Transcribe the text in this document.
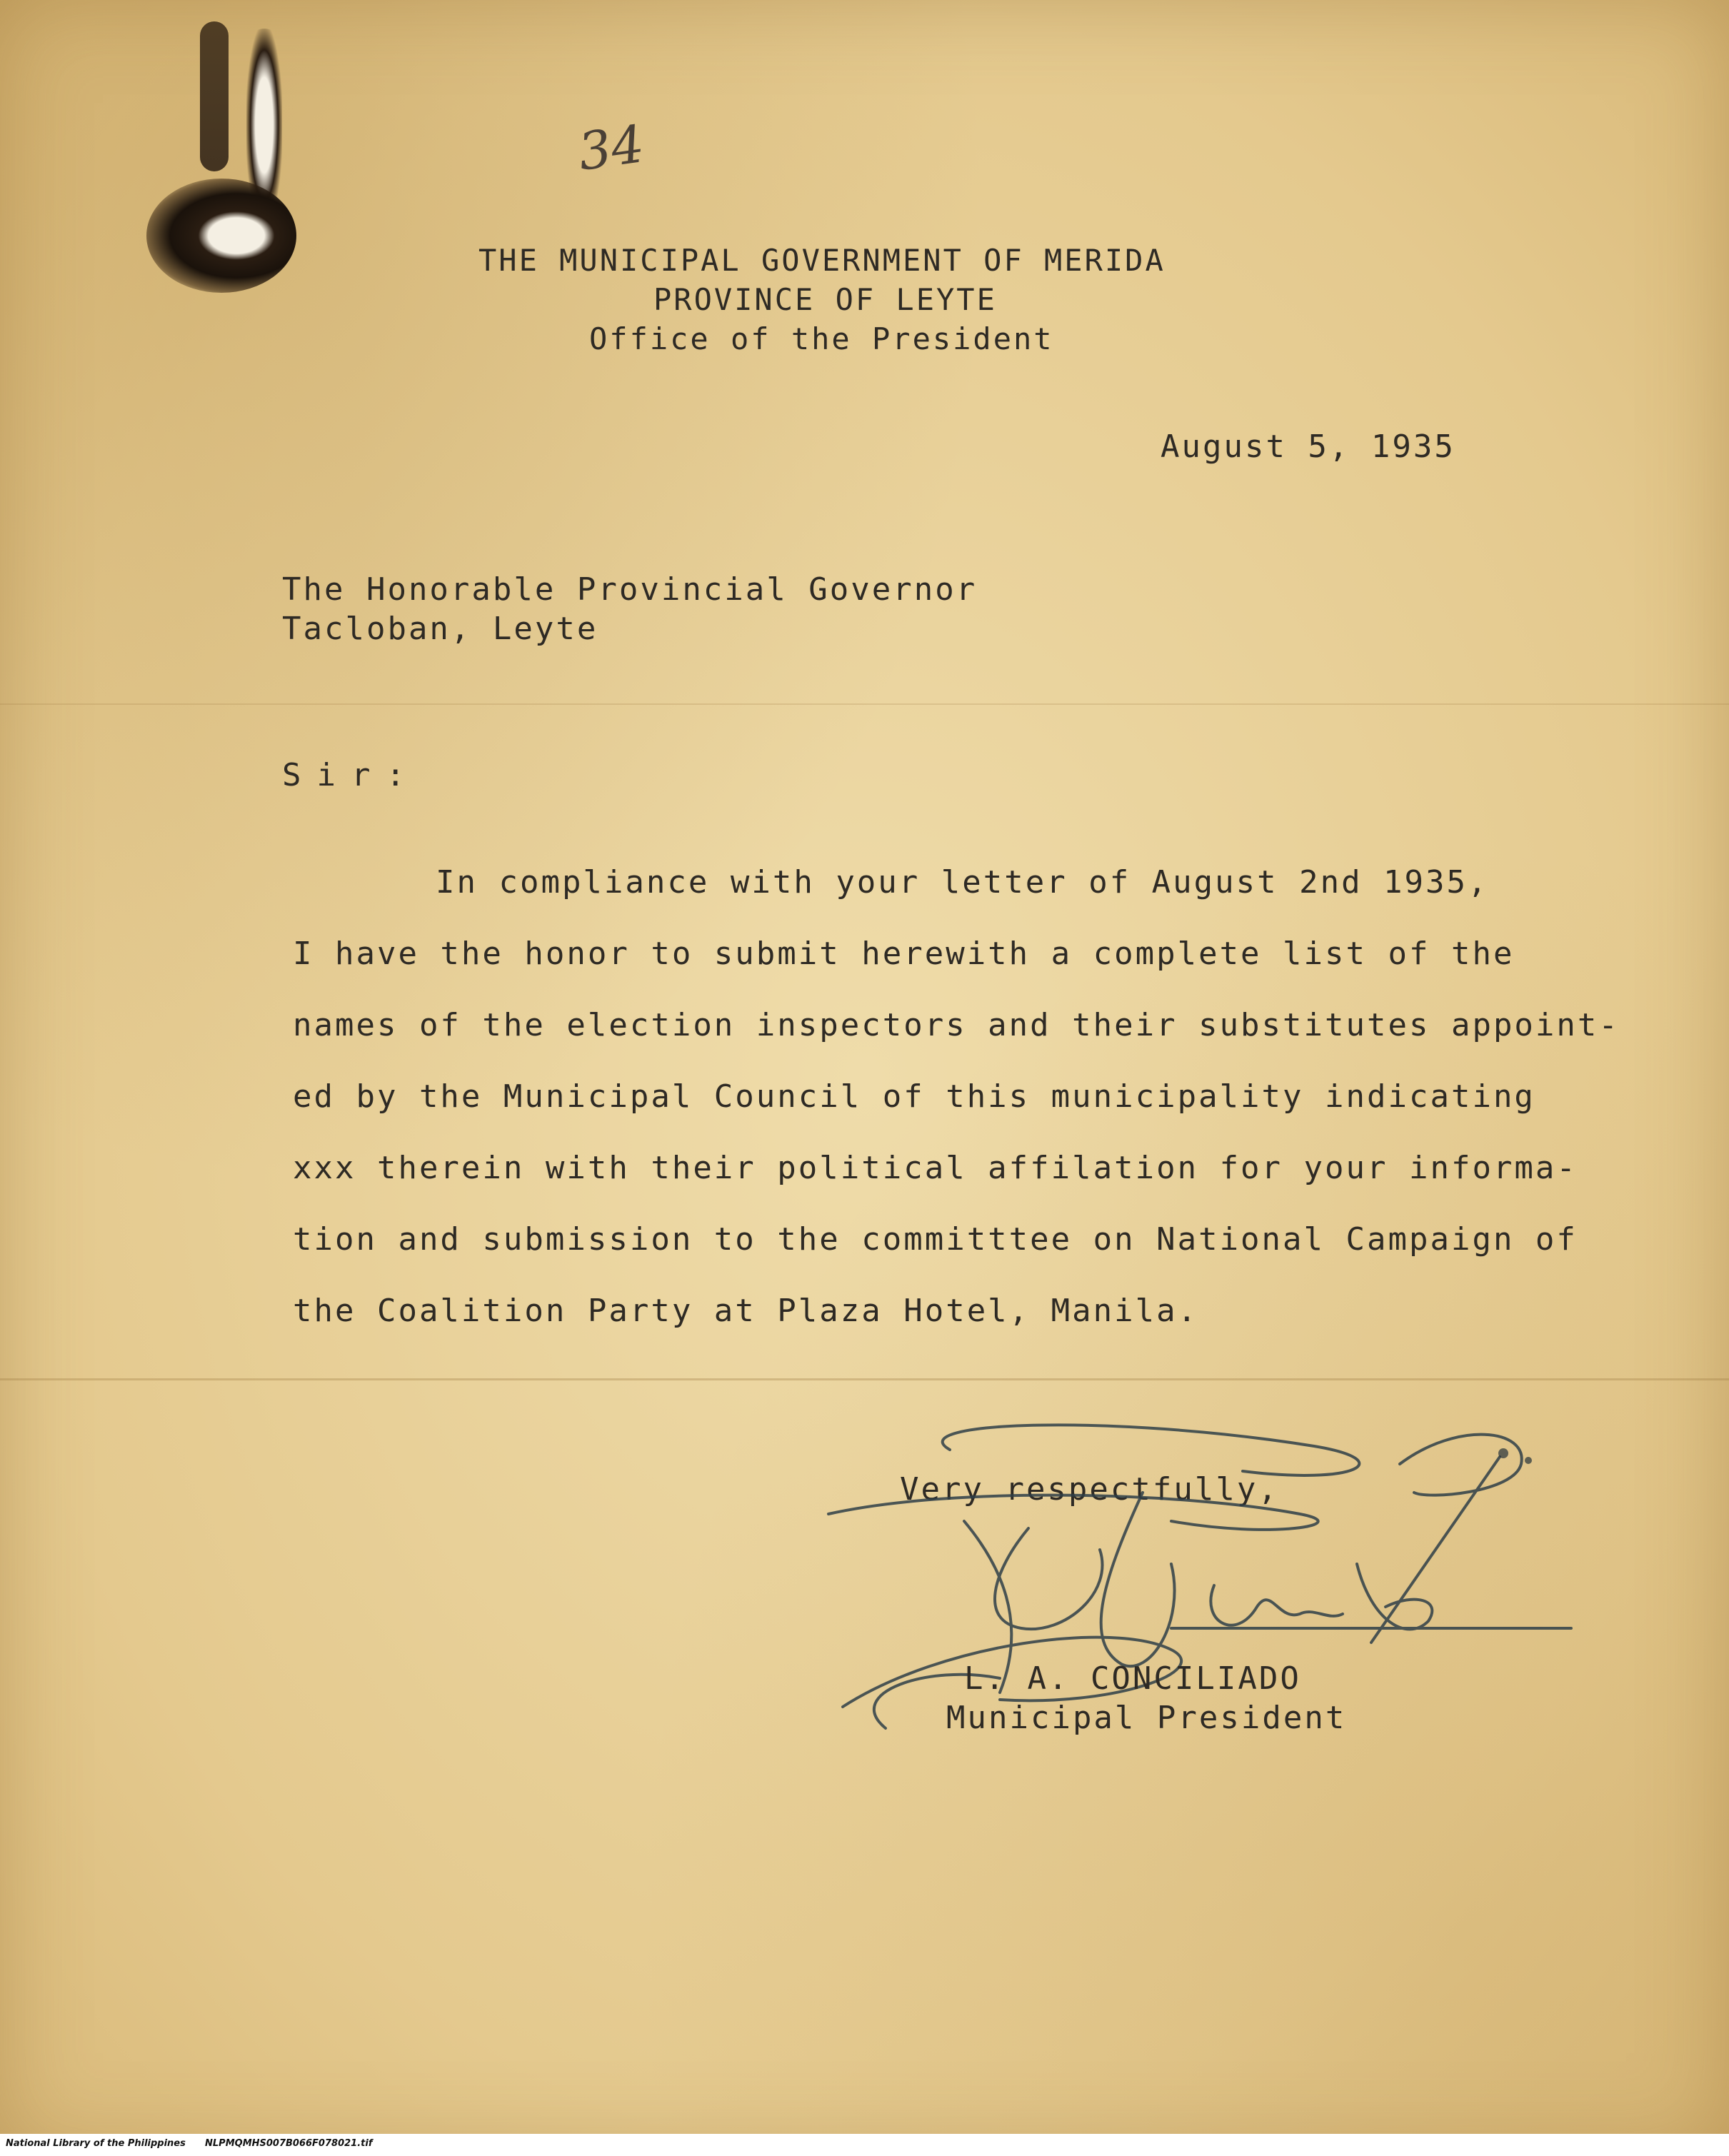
34
THE MUNICIPAL GOVERNMENT OF MERIDA
PROVINCE OF LEYTE
Office of the President
August 5, 1935
The Honorable Provincial Governor
Tacloban, Leyte
Sir:
In compliance with your letter of August 2nd 1935,
I have the honor to submit herewith a complete list of the
names of the election inspectors and their substitutes appoint-
ed by the Municipal Council of this municipality indicating
xxx therein with their political affilation for your informa-
tion and submission to the committtee on National Campaign of
the Coalition Party at Plaza Hotel, Manila.
Very respectfully,
L. A. CONCILIADO
Municipal President
National Library of the Philippines NLPMQMHS007B066F078021.tif
